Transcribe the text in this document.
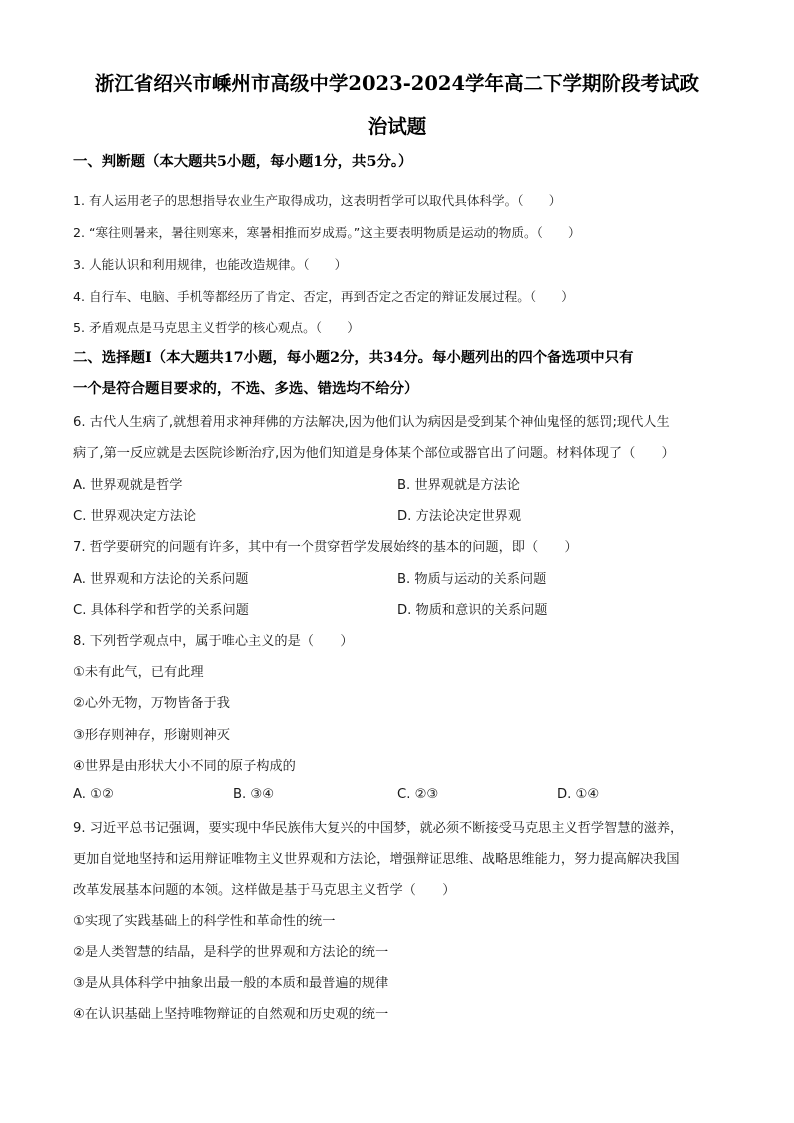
浙江省绍兴市嵊州市高级中学2023-2024学年高二下学期阶段考试政
治试题
一、判断题（本大题共5小题，每小题1分，共5分。）
1. 有人运用老子的思想指导农业生产取得成功，这表明哲学可以取代具体科学。（　　）
2. “寒往则暑来，暑往则寒来，寒暑相推而岁成焉。”这主要表明物质是运动的物质。（　　）
3. 人能认识和利用规律，也能改造规律。（　　）
4. 自行车、电脑、手机等都经历了肯定、否定，再到否定之否定的辩证发展过程。（　　）
5. 矛盾观点是马克思主义哲学的核心观点。（　　）
二、选择题Ⅰ（本大题共17小题，每小题2分，共34分。每小题列出的四个备选项中只有
一个是符合题目要求的，不选、多选、错选均不给分）
6. 古代人生病了,就想着用求神拜佛的方法解决,因为他们认为病因是受到某个神仙鬼怪的惩罚;现代人生
病了,第一反应就是去医院诊断治疗,因为他们知道是身体某个部位或器官出了问题。材料体现了（　　）
A. 世界观就是哲学	B. 世界观就是方法论
C. 世界观决定方法论	D. 方法论决定世界观
7. 哲学要研究的问题有许多，其中有一个贯穿哲学发展始终的基本的问题，即（　　）
A. 世界观和方法论的关系问题	B. 物质与运动的关系问题
C. 具体科学和哲学的关系问题	D. 物质和意识的关系问题
8. 下列哲学观点中，属于唯心主义的是（　　）
①未有此气，已有此理
②心外无物，万物皆备于我
③形存则神存，形谢则神灭
④世界是由形状大小不同的原子构成的
A. ①②	B. ③④	C. ②③	D. ①④
9. 习近平总书记强调，要实现中华民族伟大复兴的中国梦，就必须不断接受马克思主义哲学智慧的滋养，
更加自觉地坚持和运用辩证唯物主义世界观和方法论，增强辩证思维、战略思维能力，努力提高解决我国
改革发展基本问题的本领。这样做是基于马克思主义哲学（　　）
①实现了实践基础上的科学性和革命性的统一
②是人类智慧的结晶，是科学的世界观和方法论的统一
③是从具体科学中抽象出最一般的本质和最普遍的规律
④在认识基础上坚持唯物辩证的自然观和历史观的统一
